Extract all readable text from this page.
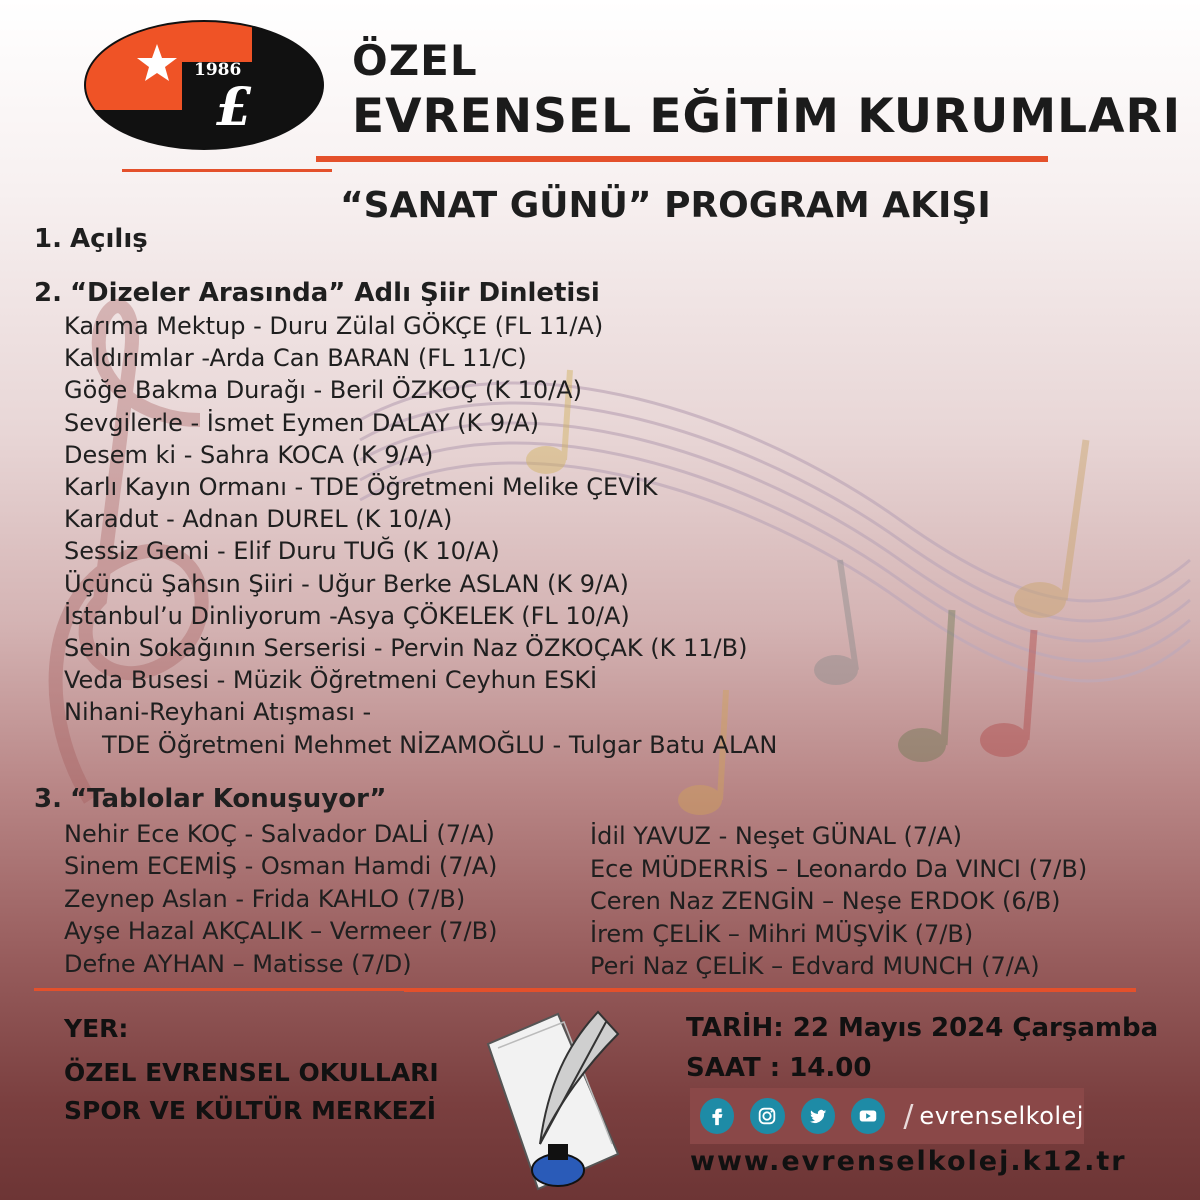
1986
£
ÖZEL
EVRENSEL EĞİTİM KURUMLARI
“SANAT GÜNÜ” PROGRAM AKIŞI

1. Açılış

2. “Dizeler Arasında” Adlı Şiir Dinletisi

Karıma Mektup - Duru Zülal GÖKÇE (FL 11/A)
Kaldırımlar -Arda Can BARAN (FL 11/C)
Göğe Bakma Durağı - Beril ÖZKOÇ (K 10/A)
Sevgilerle - İsmet Eymen DALAY (K 9/A)
Desem ki - Sahra KOCA (K 9/A)
Karlı Kayın Ormanı - TDE Öğretmeni Melike ÇEVİK
Karadut - Adnan DUREL (K 10/A)
Sessiz Gemi - Elif Duru TUĞ (K 10/A)
Üçüncü Şahsın Şiiri - Uğur Berke ASLAN (K 9/A)
İstanbul’u Dinliyorum -Asya ÇÖKELEK (FL 10/A)
Senin Sokağının Serserisi - Pervin Naz ÖZKOÇAK (K 11/B)
Veda Busesi - Müzik Öğretmeni Ceyhun ESKİ
Nihani-Reyhani Atışması -
TDE Öğretmeni Mehmet NİZAMOĞLU - Tulgar Batu ALAN

3. “Tablolar Konuşuyor”

Nehir Ece KOÇ - Salvador DALİ (7/A)
Sinem ECEMİŞ - Osman Hamdi (7/A)
Zeynep Aslan - Frida KAHLO (7/B)
Ayşe Hazal AKÇALIK – Vermeer (7/B)
Defne AYHAN – Matisse (7/D)
İdil YAVUZ - Neşet GÜNAL (7/A)
Ece MÜDERRİS – Leonardo Da VINCI (7/B)
Ceren Naz ZENGİN – Neşe ERDOK (6/B)
İrem ÇELİK – Mihri MÜŞVİK (7/B)
Peri Naz ÇELİK – Edvard MUNCH (7/A)
YER:
ÖZEL EVRENSEL OKULLARI
SPOR VE KÜLTÜR MERKEZİ
TARİH: 22 Mayıs 2024 Çarşamba
SAAT : 14.00
/ evrenselkolej
www.evrenselkolej.k12.tr
